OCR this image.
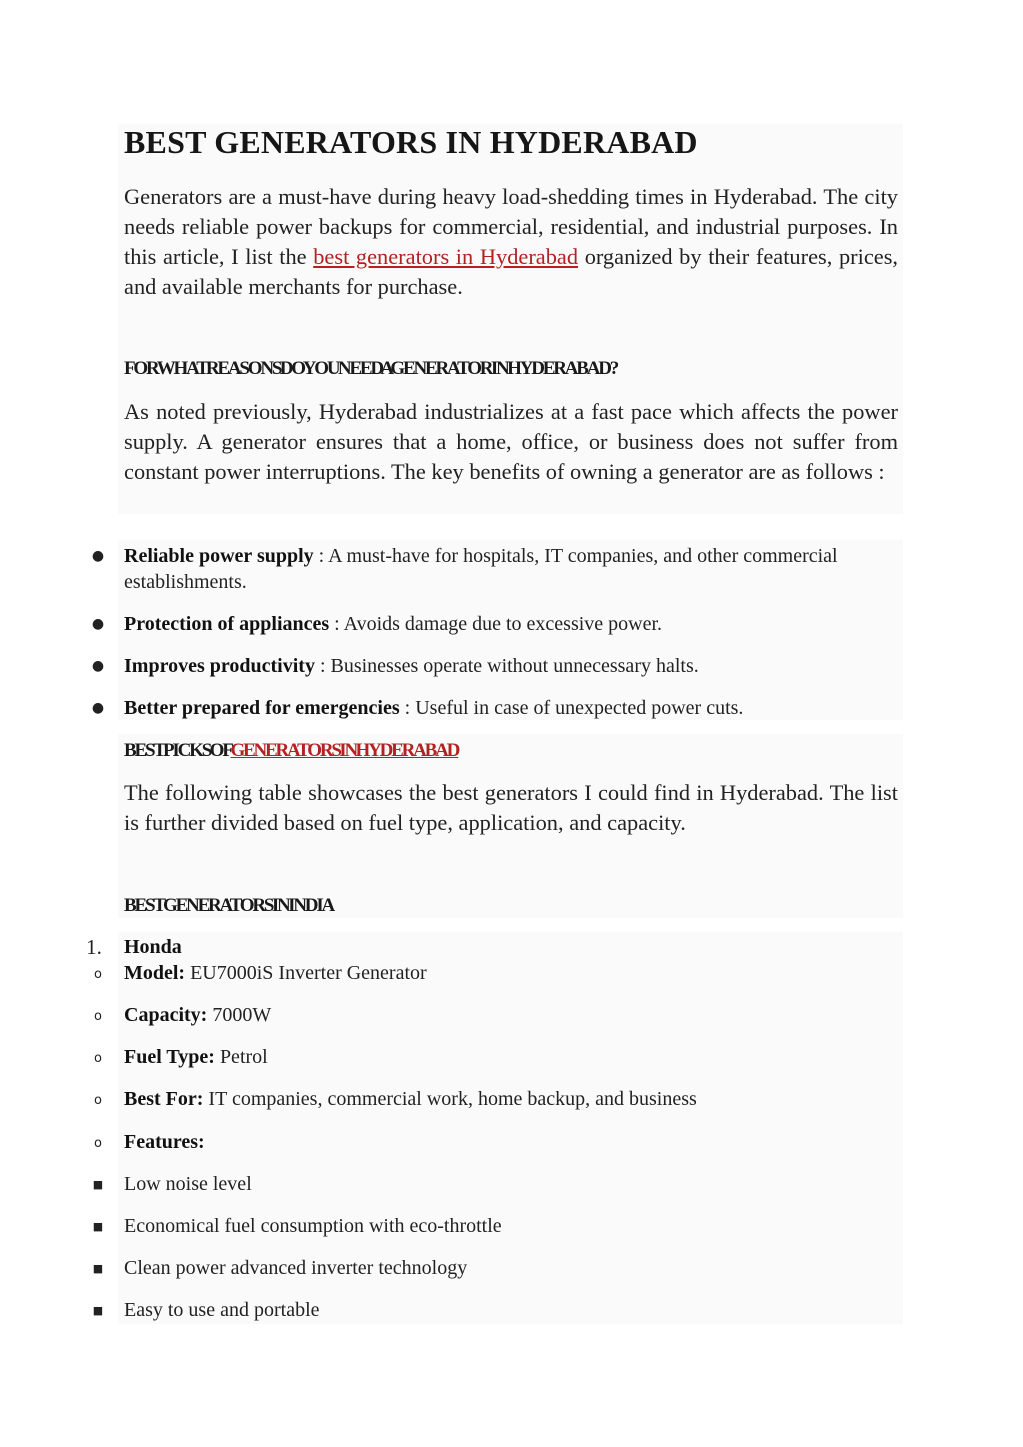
BEST GENERATORS IN HYDERABAD
Generators are a must-have during heavy load-shedding times in Hyderabad. The city needs reliable power backups for commercial, residential, and industrial purposes. In this article, I list the best generators in Hyderabad organized by their features, prices, and available merchants for purchase.
FOR WHAT REASONS DO YOU NEED A GENERATOR IN HYDERABAD?
As noted previously, Hyderabad industrializes at a fast pace which affects the power supply. A generator ensures that a home, office, or business does not suffer from constant power interruptions. The key benefits of owning a generator are as follows :
● Reliable power supply : A must-have for hospitals, IT companies, and other commercial establishments.
● Protection of appliances : Avoids damage due to excessive power.
● Improves productivity : Businesses operate without unnecessary halts.
● Better prepared for emergencies : Useful in case of unexpected power cuts.
BEST PICKS OF GENERATORS IN HYDERABAD
The following table showcases the best generators I could find in Hyderabad. The list is further divided based on fuel type, application, and capacity.
BEST GENERATORS IN INDIA
1. Honda
o	Model: EU7000iS Inverter Generator
o	Capacity: 7000W
o	Fuel Type: Petrol
o	Best For: IT companies, commercial work, home backup, and business
o	Features:
■ Low noise level
■ Economical fuel consumption with eco-throttle
■ Clean power advanced inverter technology
■ Easy to use and portable
